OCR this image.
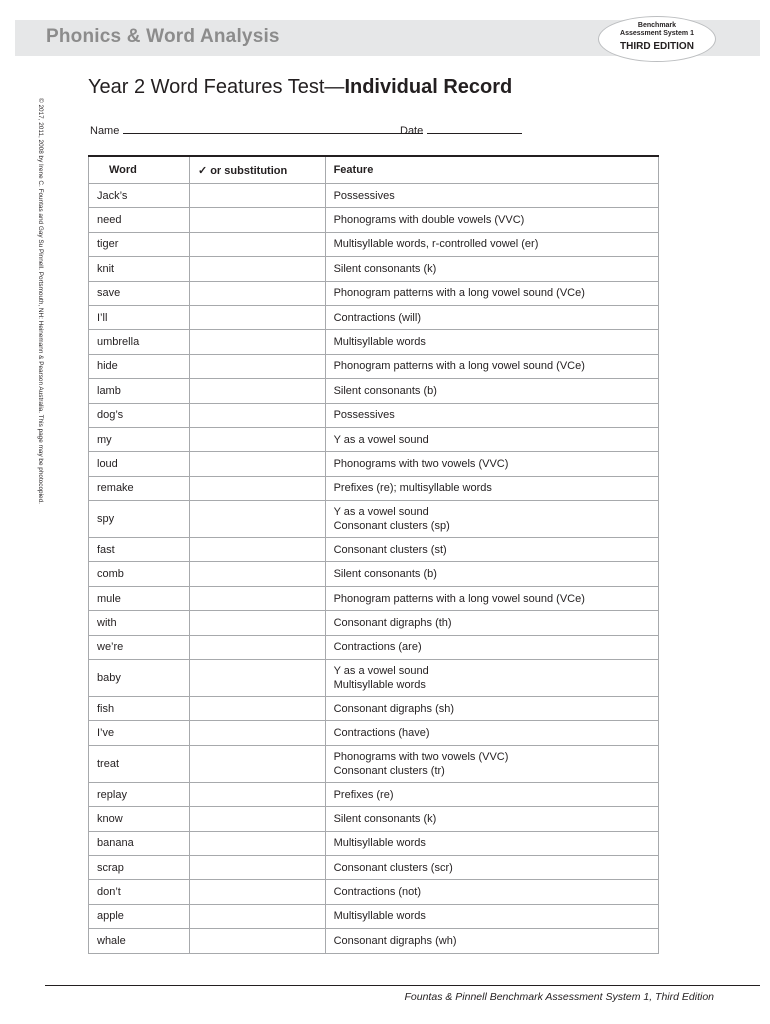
Phonics & Word Analysis
Benchmark
Assessment System 1
THIRD EDITION
© 2017, 2011, 2008 by Irene C. Fountas and Gay Su Pinnell. Portsmouth, NH: Heinemann & Pearson Australia. This page may be photocopied.
Year 2 Word Features Test—Individual Record
Name	Date
Word	✓ or substitution	Feature
Jack’s		Possessives

need		Phonograms with double vowels (VVC)

tiger		Multisyllable words, r-controlled vowel (er)

knit		Silent consonants (k)

save		Phonogram patterns with a long vowel sound (VCe)

I’ll		Contractions (will)

umbrella		Multisyllable words

hide		Phonogram patterns with a long vowel sound (VCe)

lamb		Silent consonants (b)

dog’s		Possessives

my		Y as a vowel sound

loud		Phonograms with two vowels (VVC)

remake		Prefixes (re); multisyllable words

spy		Y as a vowel sound
Consonant clusters (sp)

fast		Consonant clusters (st)

comb		Silent consonants (b)

mule		Phonogram patterns with a long vowel sound (VCe)

with		Consonant digraphs (th)

we’re		Contractions (are)

baby		Y as a vowel sound
Multisyllable words

fish		Consonant digraphs (sh)

I’ve		Contractions (have)

treat		Phonograms with two vowels (VVC)
Consonant clusters (tr)

replay		Prefixes (re)

know		Silent consonants (k)

banana		Multisyllable words

scrap		Consonant clusters (scr)

don’t		Contractions (not)

apple		Multisyllable words

whale		Consonant digraphs (wh)
Fountas & Pinnell Benchmark Assessment System 1, Third Edition
